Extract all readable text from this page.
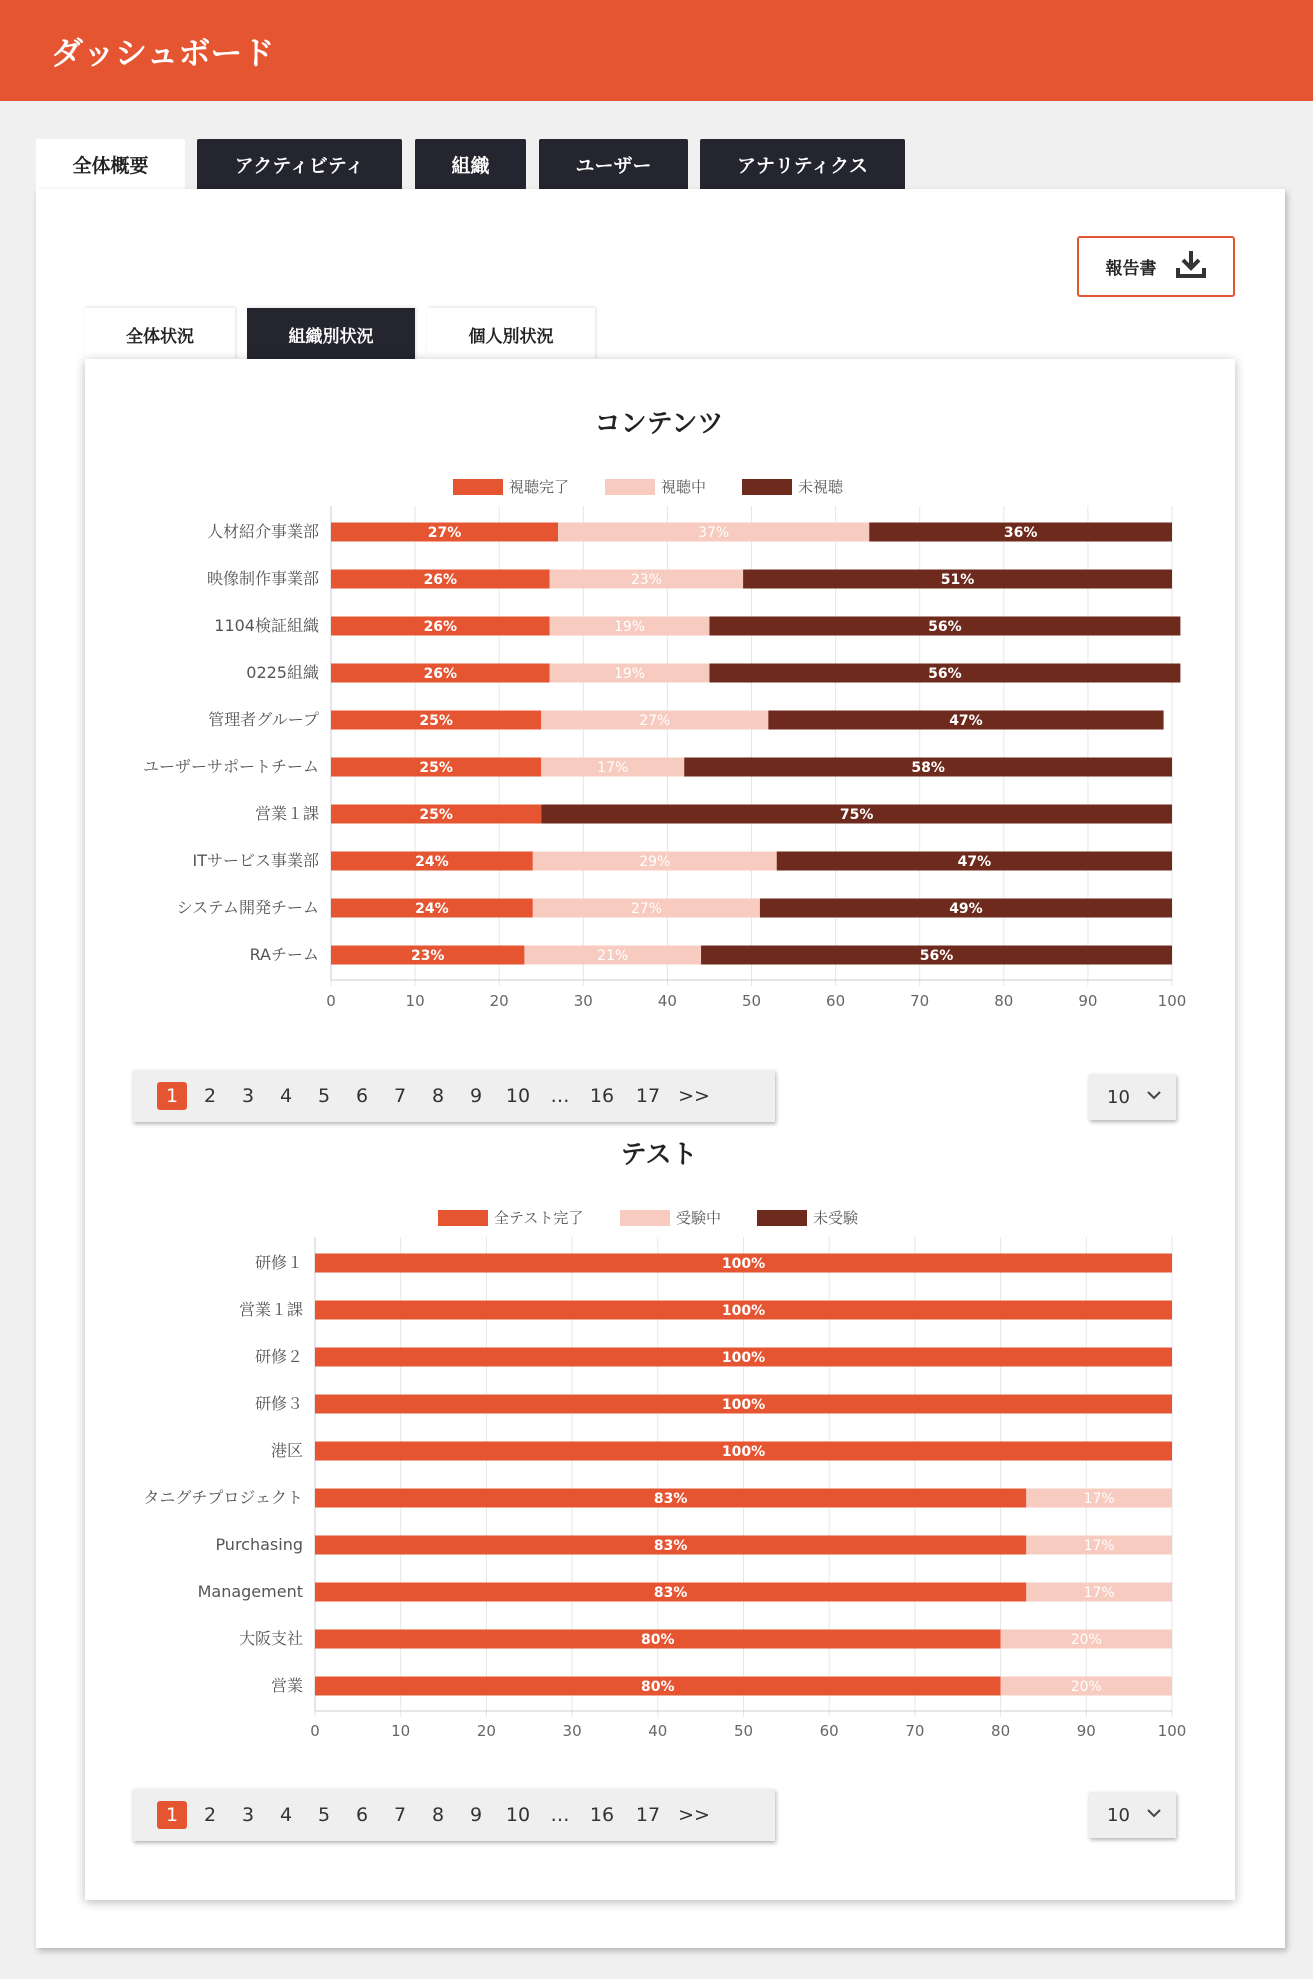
ダッシュボード
全体概要	アクティビティ	組織	ユーザー	アナリティクス
報告書
全体状況	組織別状況	個人別状況
コンテンツ
テスト
0	10	20	30	40	50	60	70	80	90	100
視聴完了	視聴中	未視聴
人材紹介事業部	27%	37%	36%
映像制作事業部	26%	23%	51%
1104検証組織	26%	19%	56%
0225組織	26%	19%	56%
管理者グループ	25%	27%	47%
ユーザーサポートチーム	25%	17%	58%
営業１課	25%	75%
ITサービス事業部	24%	29%	47%
システム開発チーム	24%	27%	49%
RAチーム	23%	21%	56%
0	10	20	30	40	50	60	70	80	90	100
全テスト完了	受験中	未受験
研修１	100%
営業１課	100%
研修２	100%
研修３	100%
港区	100%
タニグチプロジェクト	83%	17%
Purchasing	83%	17%
Management	83%	17%
大阪支社	80%	20%
営業	80%	20%
1	2	3	4	5	6	7	8	9	10	…	16	17 >>	10
1	2	3	4	5	6	7	8	9	10	…	16	17 >>	10
